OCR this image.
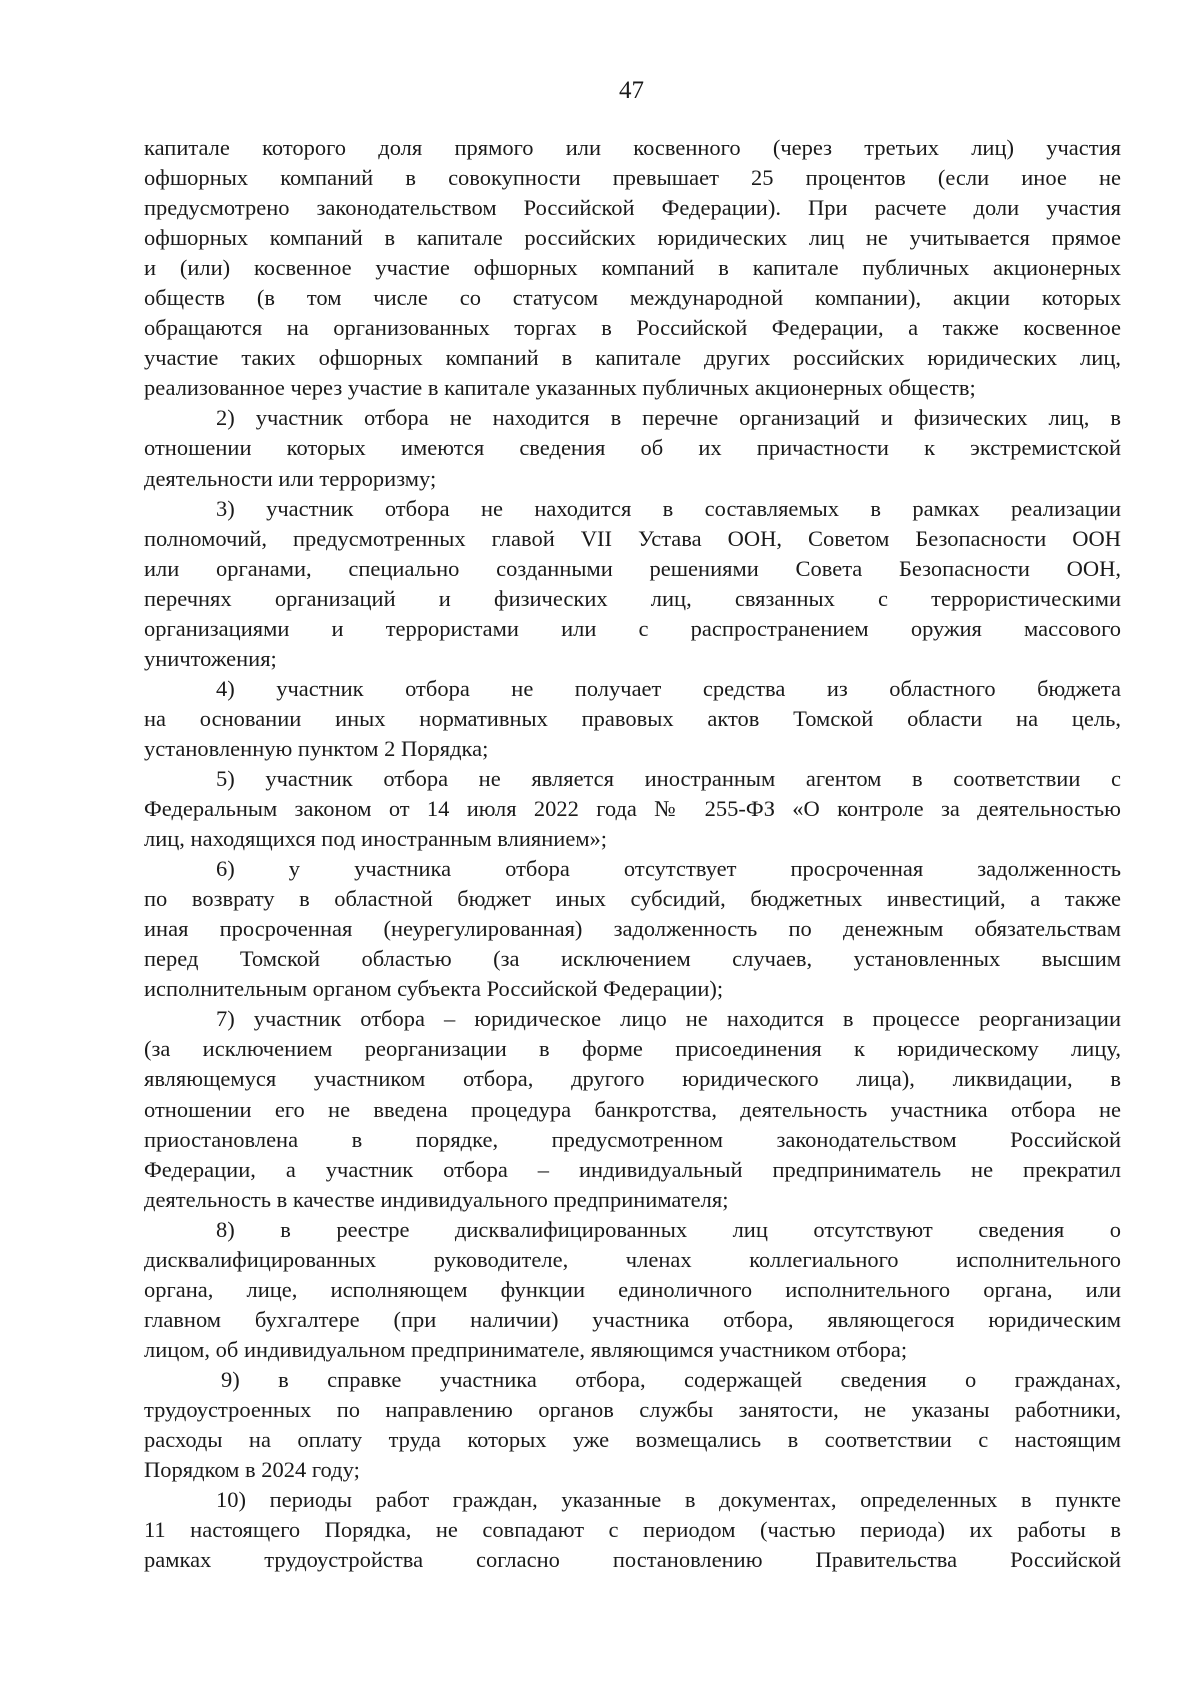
47
капитале которого доля прямого или косвенного (через третьих лиц) участия
офшорных компаний в совокупности превышает 25 процентов (если иное не
предусмотрено законодательством Российской Федерации). При расчете доли участия
офшорных компаний в капитале российских юридических лиц не учитывается прямое
и (или) косвенное участие офшорных компаний в капитале публичных акционерных
обществ (в том числе со статусом международной компании), акции которых
обращаются на организованных торгах в Российской Федерации, а также косвенное
участие таких офшорных компаний в капитале других российских юридических лиц,
реализованное через участие в капитале указанных публичных акционерных обществ;
2) участник отбора не находится в перечне организаций и физических лиц, в
отношении которых имеются сведения об их причастности к экстремистской
деятельности или терроризму;
3) участник отбора не находится в составляемых в рамках реализации
полномочий, предусмотренных главой VII Устава ООН, Советом Безопасности ООН
или органами, специально созданными решениями Совета Безопасности ООН,
перечнях организаций и физических лиц, связанных с террористическими
организациями и террористами или с распространением оружия массового
уничтожения;
4) участник отбора не получает средства из областного бюджета
на основании иных нормативных правовых актов Томской области на цель,
установленную пунктом 2 Порядка;
5) участник отбора не является иностранным агентом в соответствии с
Федеральным законом от 14 июля 2022 года № 255-ФЗ «О контроле за деятельностью
лиц, находящихся под иностранным влиянием»;
6) у участника отбора отсутствует просроченная задолженность
по возврату в областной бюджет иных субсидий, бюджетных инвестиций, а также
иная просроченная (неурегулированная) задолженность по денежным обязательствам
перед Томской областью (за исключением случаев, установленных высшим
исполнительным органом субъекта Российской Федерации);
7) участник отбора – юридическое лицо не находится в процессе реорганизации
(за исключением реорганизации в форме присоединения к юридическому лицу,
являющемуся участником отбора, другого юридического лица), ликвидации, в
отношении его не введена процедура банкротства, деятельность участника отбора не
приостановлена в порядке, предусмотренном законодательством Российской
Федерации, а участник отбора – индивидуальный предприниматель не прекратил
деятельность в качестве индивидуального предпринимателя;
8) в реестре дисквалифицированных лиц отсутствуют сведения о
дисквалифицированных руководителе, членах коллегиального исполнительного
органа, лице, исполняющем функции единоличного исполнительного органа, или
главном бухгалтере (при наличии) участника отбора, являющегося юридическим
лицом, об индивидуальном предпринимателе, являющимся участником отбора;
9) в справке участника отбора, содержащей сведения о гражданах,
трудоустроенных по направлению органов службы занятости, не указаны работники,
расходы на оплату труда которых уже возмещались в соответствии с настоящим
Порядком в 2024 году;
10) периоды работ граждан, указанные в документах, определенных в пункте
11 настоящего Порядка, не совпадают с периодом (частью периода) их работы в
рамках трудоустройства согласно постановлению Правительства Российской
